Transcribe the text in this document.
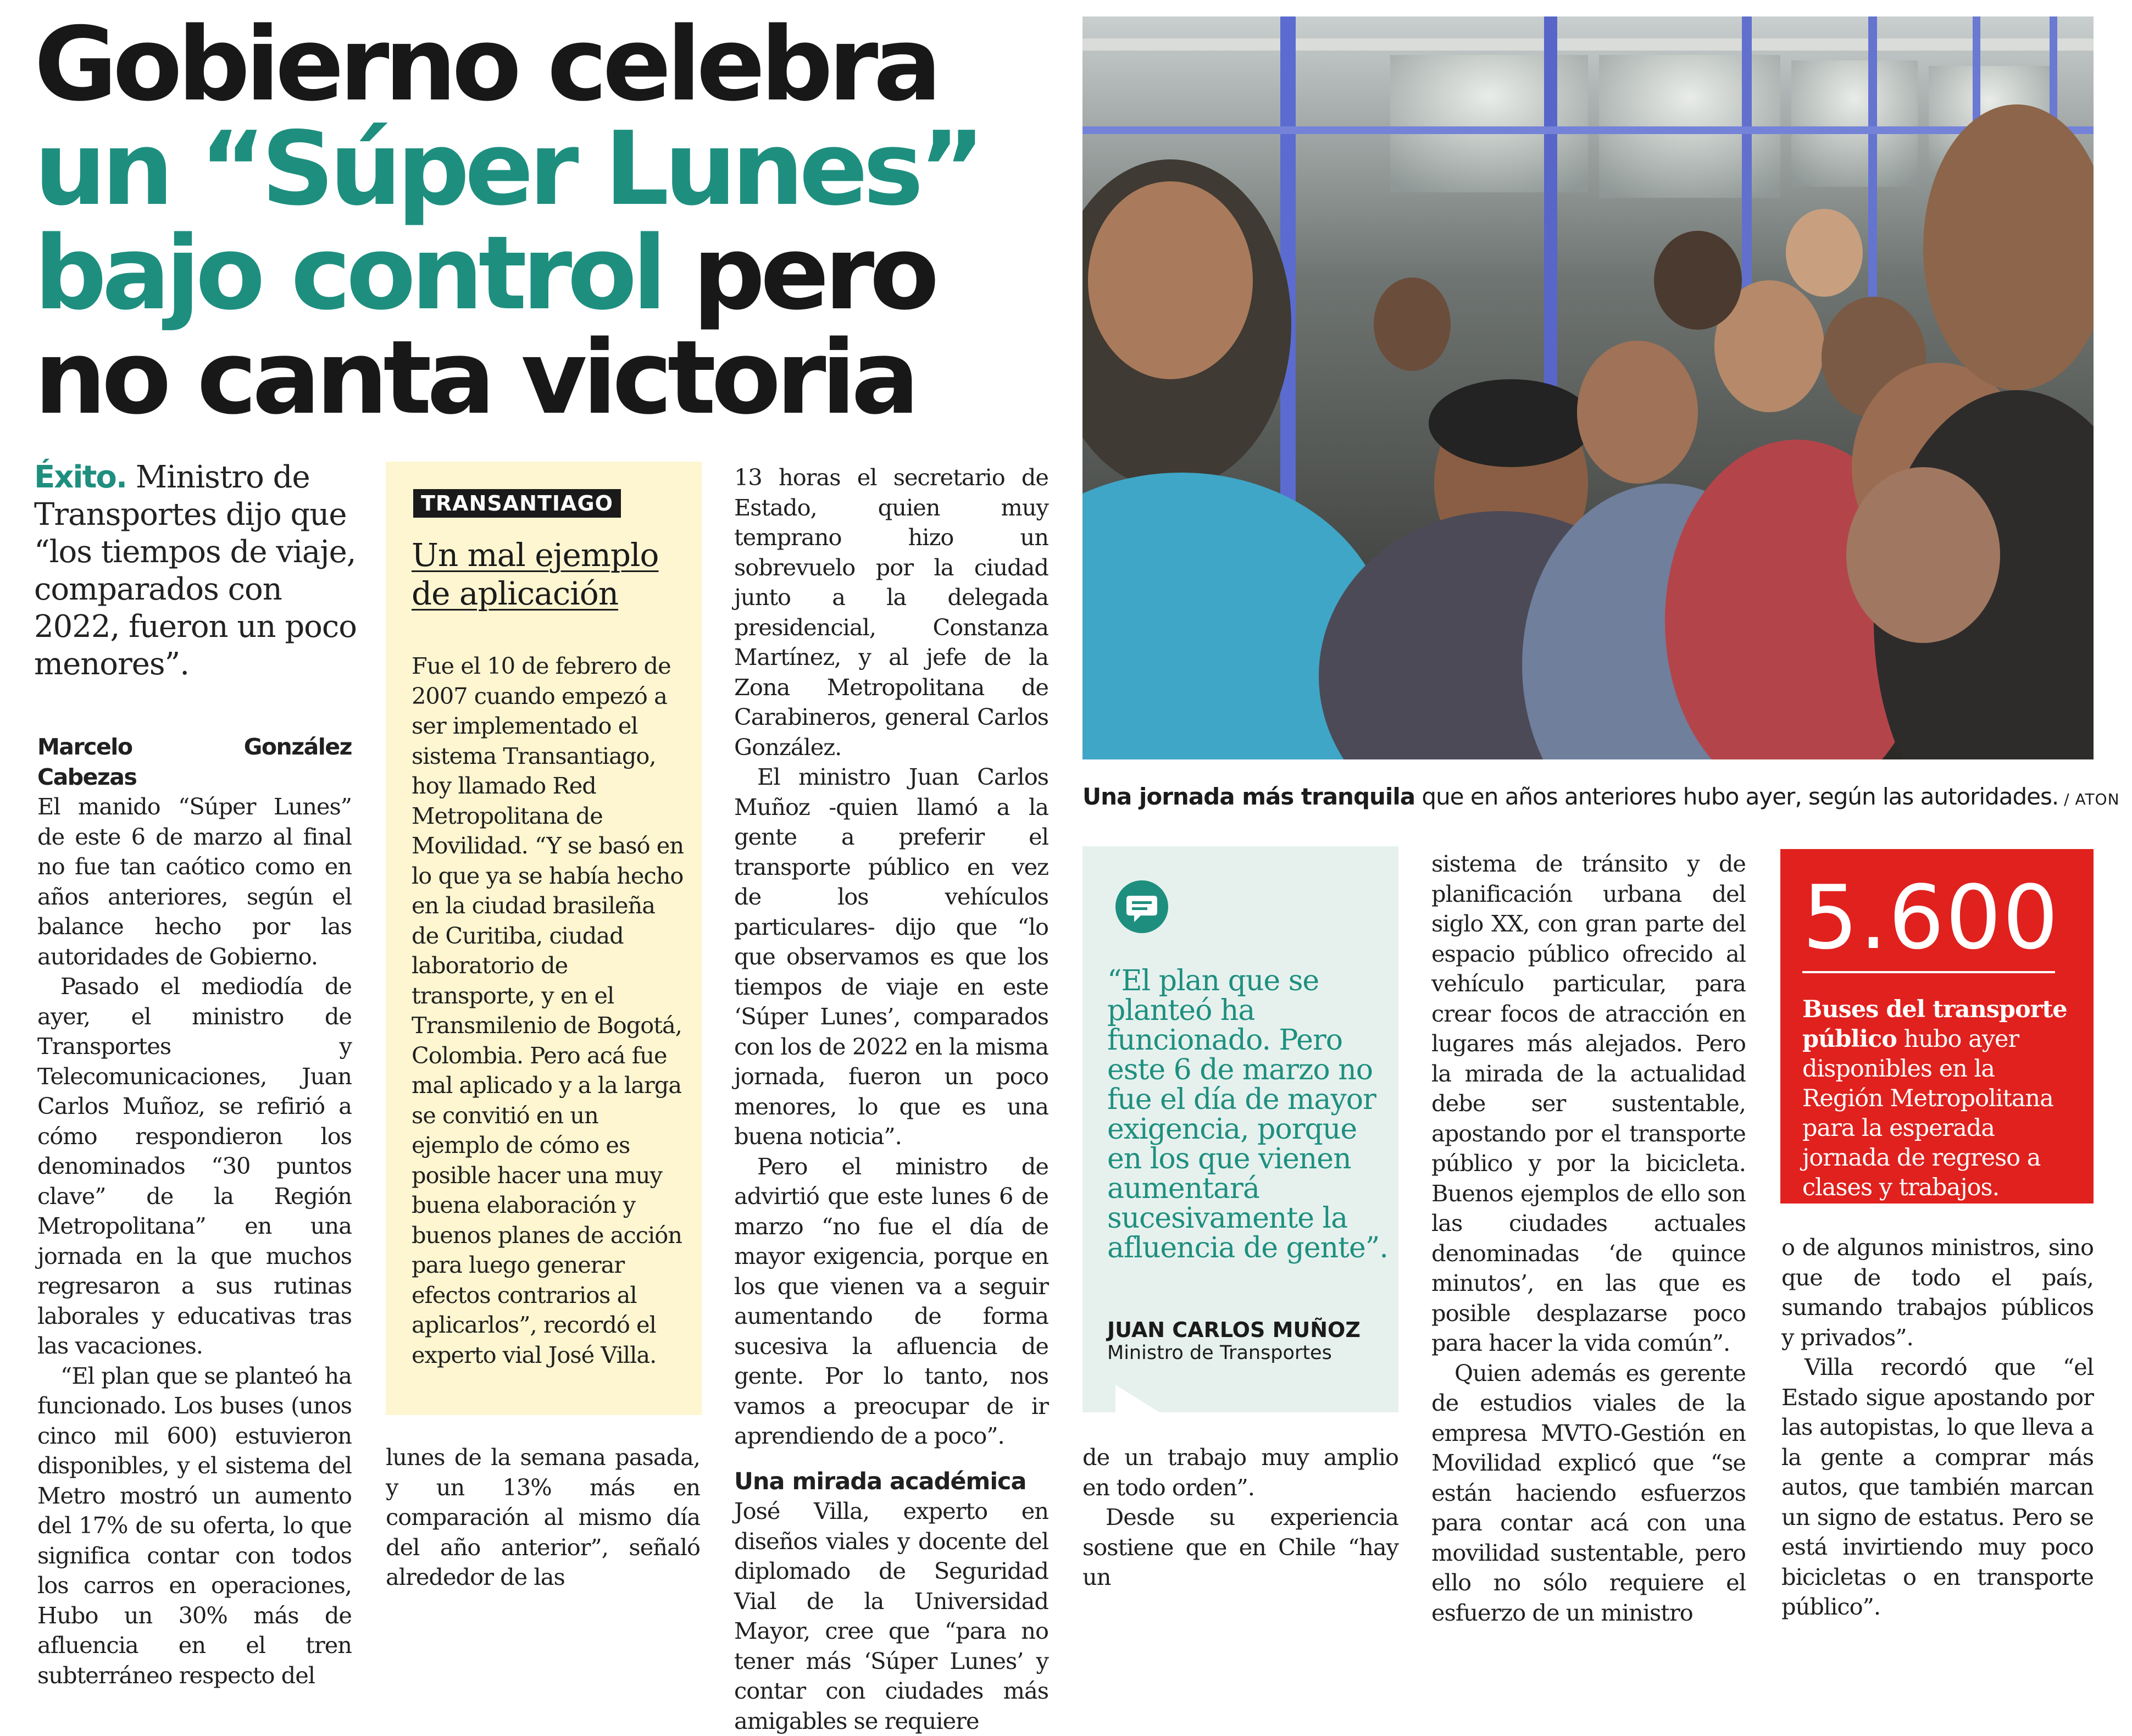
Gobierno celebra
un “Súper Lunes”
bajo control pero
no canta victoria
Éxito. Ministro de Transportes dijo que “los tiempos de viaje, comparados con 2022, fueron un poco menores”.

Marcelo González Cabezas

El manido “Súper Lunes” de este 6 de marzo al final no fue tan caótico como en años anteriores, según el balance hecho por las autoridades de Gobierno.

Pasado el mediodía de ayer, el ministro de Transportes y Telecomunicaciones, Juan Carlos Muñoz, se refirió a cómo respondieron los denominados “30 puntos clave” de la Región Metropolitana” en una jornada en la que muchos regresaron a sus rutinas laborales y educativas tras las vacaciones.

“El plan que se planteó ha funcionado. Los buses (unos cinco mil 600) estuvieron disponibles, y el sistema del Metro mostró un aumento del 17% de su oferta, lo que significa contar con todos los carros en operaciones, Hubo un 30% más de afluencia en el tren subterráneo respecto del

TRANSANTIAGO
Un mal ejemplo de aplicación
Fue el 10 de febrero de 2007 cuando empezó a ser implementado el sistema Transantiago, hoy llamado Red Metropolitana de Movilidad. “Y se basó en lo que ya se había hecho en la ciudad brasileña de Curitiba, ciudad laboratorio de transporte, y en el Transmilenio de Bogotá, Colombia. Pero acá fue mal aplicado y a la larga se convitió en un ejemplo de cómo es posible hacer una muy buena elaboración y buenos planes de acción para luego generar efectos contrarios al aplicarlos”, recordó el experto vial José Villa.

lunes de la semana pasada, y un 13% más en comparación al mismo día del año anterior”, señaló alrededor de las

13 horas el secretario de Estado, quien muy temprano hizo un sobrevuelo por la ciudad junto a la delegada presidencial, Constanza Martínez, y al jefe de la Zona Metropolitana de Carabineros, general Carlos González.

El ministro Juan Carlos Muñoz -quien llamó a la gente a preferir el transporte público en vez de los vehículos particulares- dijo que “lo que observamos es que los tiempos de viaje en este ‘Súper Lunes’, comparados con los de 2022 en la misma jornada, fueron un poco menores, lo que es una buena noticia”.

Pero el ministro de advirtió que este lunes 6 de marzo “no fue el día de mayor exigencia, porque en los que vienen va a seguir aumentando de forma sucesiva la afluencia de gente. Por lo tanto, nos vamos a preocupar de ir aprendiendo de a poco”.

Una mirada académica

José Villa, experto en diseños viales y docente del diplomado de Seguridad Vial de la Universidad Mayor, cree que “para no tener más ‘Súper Lunes’ y contar con ciudades más amigables se requiere

Una jornada más tranquila que en años anteriores hubo ayer, según las autoridades. / ATON
“El plan que se planteó ha funcionado. Pero este 6 de marzo no fue el día de mayor exigencia, porque en los que vienen aumentará sucesivamente la afluencia de gente”.
JUAN CARLOS MUÑOZ
Ministro de Transportes

de un trabajo muy amplio en todo orden”.

Desde su experiencia sostiene que en Chile “hay un

sistema de tránsito y de planificación urbana del siglo XX, con gran parte del espacio público ofrecido al vehículo particular, para crear focos de atracción en lugares más alejados. Pero la mirada de la actualidad debe ser sustentable, apostando por el transporte público y por la bicicleta. Buenos ejemplos de ello son las ciudades actuales denominadas ‘de quince minutos’, en las que es posible desplazarse poco para hacer la vida común”.

Quien además es gerente de estudios viales de la empresa MVTO-Gestión en Movilidad explicó que “se están haciendo esfuerzos para contar acá con una movilidad sustentable, pero ello no sólo requiere el esfuerzo de un ministro

5.600
Buses del transporte público hubo ayer disponibles en la Región Metropolitana para la esperada jornada de regreso a clases y trabajos.

o de algunos ministros, sino que de todo el país, sumando trabajos públicos y privados”.

Villa recordó que “el Estado sigue apostando por las autopistas, lo que lleva a la gente a comprar más autos, que también marcan un signo de estatus. Pero se está invirtiendo muy poco bicicletas o en transporte público”.
